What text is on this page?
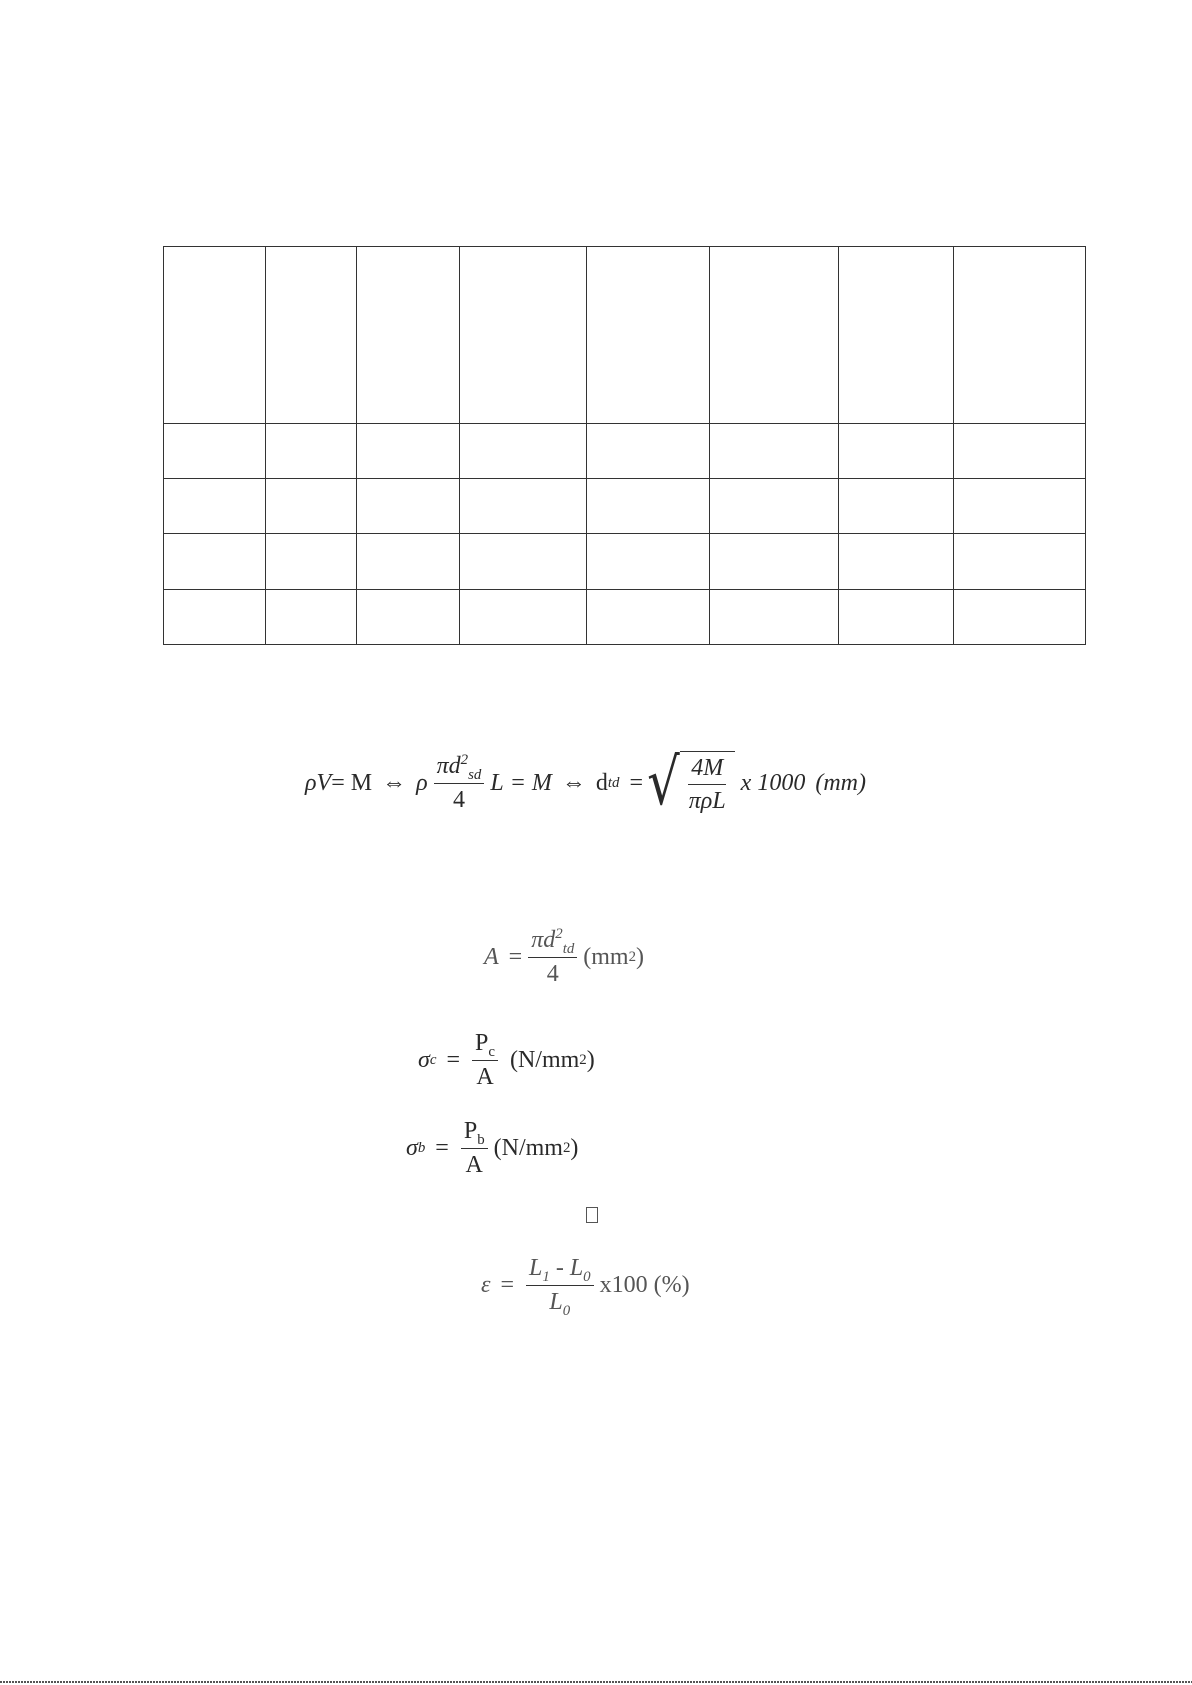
ρ V = M ⇔ ρ $\frac{\pi d^2_{sd}}{4}$ L = M ⇔ d td = √ $\frac{4M}{\text{πρL}}$ x 1000 (mm)
$A = \frac{\pi d^2_{td}}{4} (mm$ 2 )
σ $c = \frac{P_c}{A} (N/mm$ 2 )
σ $b = \frac{P_b}{A} (N/mm$ 2 )
$\varepsilon = \frac{L_1 - L_0}{L_0} x100$ (%)
